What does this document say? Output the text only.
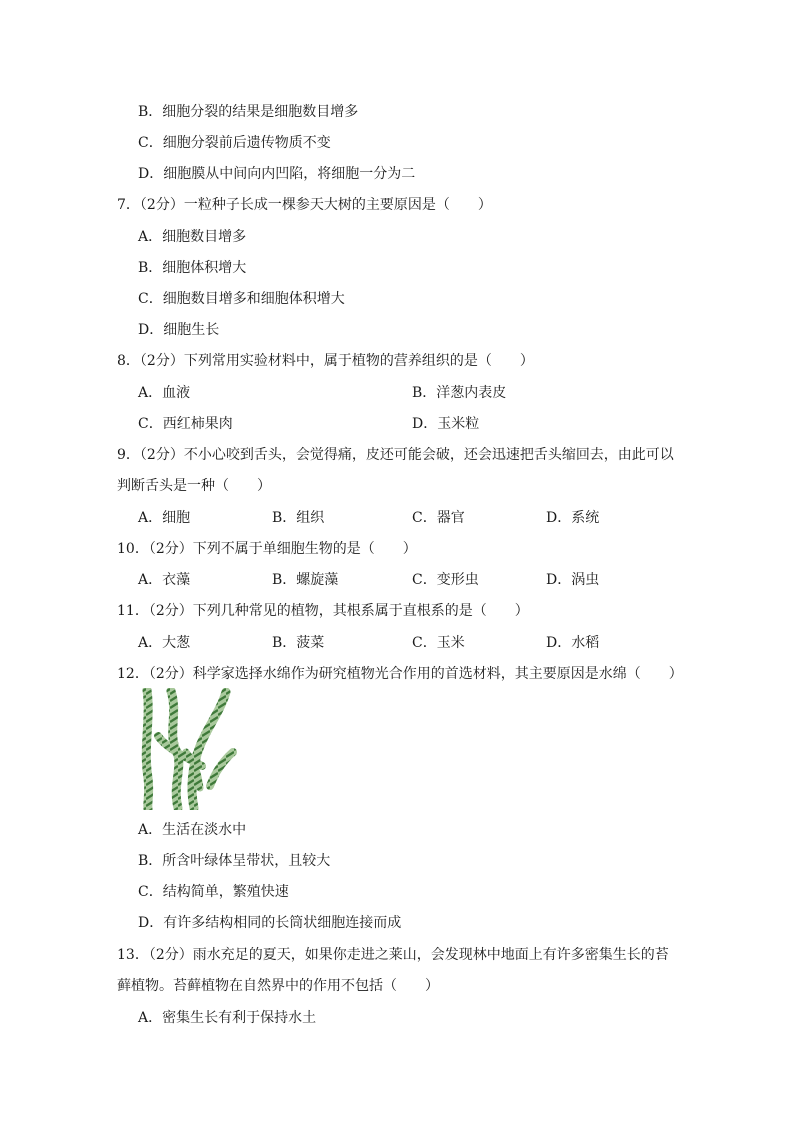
B．细胞分裂的结果是细胞数目增多
C．细胞分裂前后遗传物质不变
D．细胞膜从中间向内凹陷，将细胞一分为二
7．（2分）一粒种子长成一棵参天大树的主要原因是（　　）
A．细胞数目增多
B．细胞体积增大
C．细胞数目增多和细胞体积增大
D．细胞生长
8．（2分）下列常用实验材料中，属于植物的营养组织的是（　　）
A．血液	B．洋葱内表皮
C．西红柿果肉	D．玉米粒
9．（2分）不小心咬到舌头，会觉得痛，皮还可能会破，还会迅速把舌头缩回去，由此可以
判断舌头是一种（　　）
A．细胞	B．组织	C．器官	D．系统
10．（2分）下列不属于单细胞生物的是（　　）
A．衣藻	B．螺旋藻	C．变形虫	D．涡虫
11．（2分）下列几种常见的植物，其根系属于直根系的是（　　）
A．大葱	B．菠菜	C．玉米	D．水稻
12．（2分）科学家选择水绵作为研究植物光合作用的首选材料，其主要原因是水绵（　　）
A．生活在淡水中
B．所含叶绿体呈带状，且较大
C．结构简单，繁殖快速
D．有许多结构相同的长筒状细胞连接而成
13．（2分）雨水充足的夏天，如果你走进之莱山，会发现林中地面上有许多密集生长的苔
藓植物。苔藓植物在自然界中的作用不包括（　　）
A．密集生长有利于保持水土
